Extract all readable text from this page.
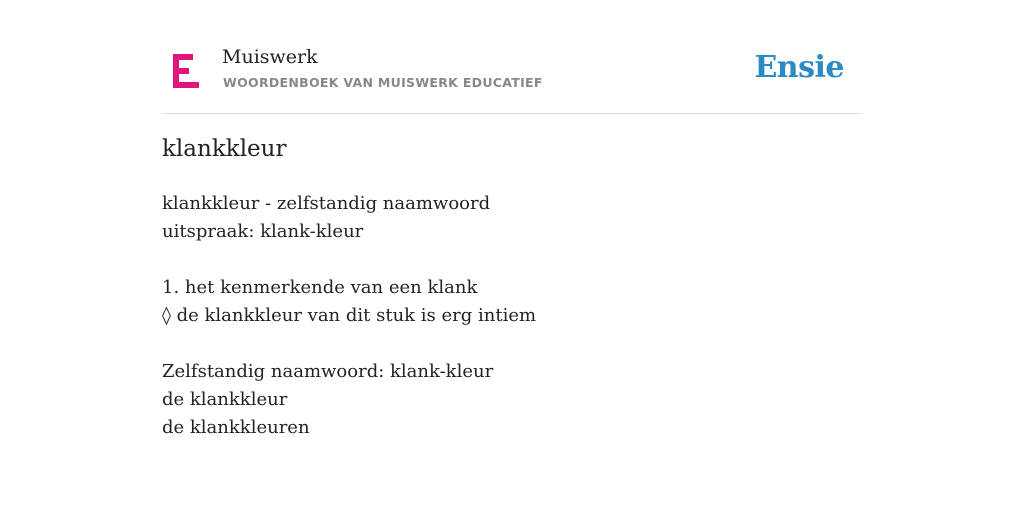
Muiswerk
WOORDENBOEK VAN MUISWERK EDUCATIEF	Ensie
klankkleur
klankkleur - zelfstandig naamwoord
uitspraak: klank-kleur
1. het kenmerkende van een klank
◊ de klankkleur van dit stuk is erg intiem
Zelfstandig naamwoord: klank-kleur
de klankkleur
de klankkleuren
